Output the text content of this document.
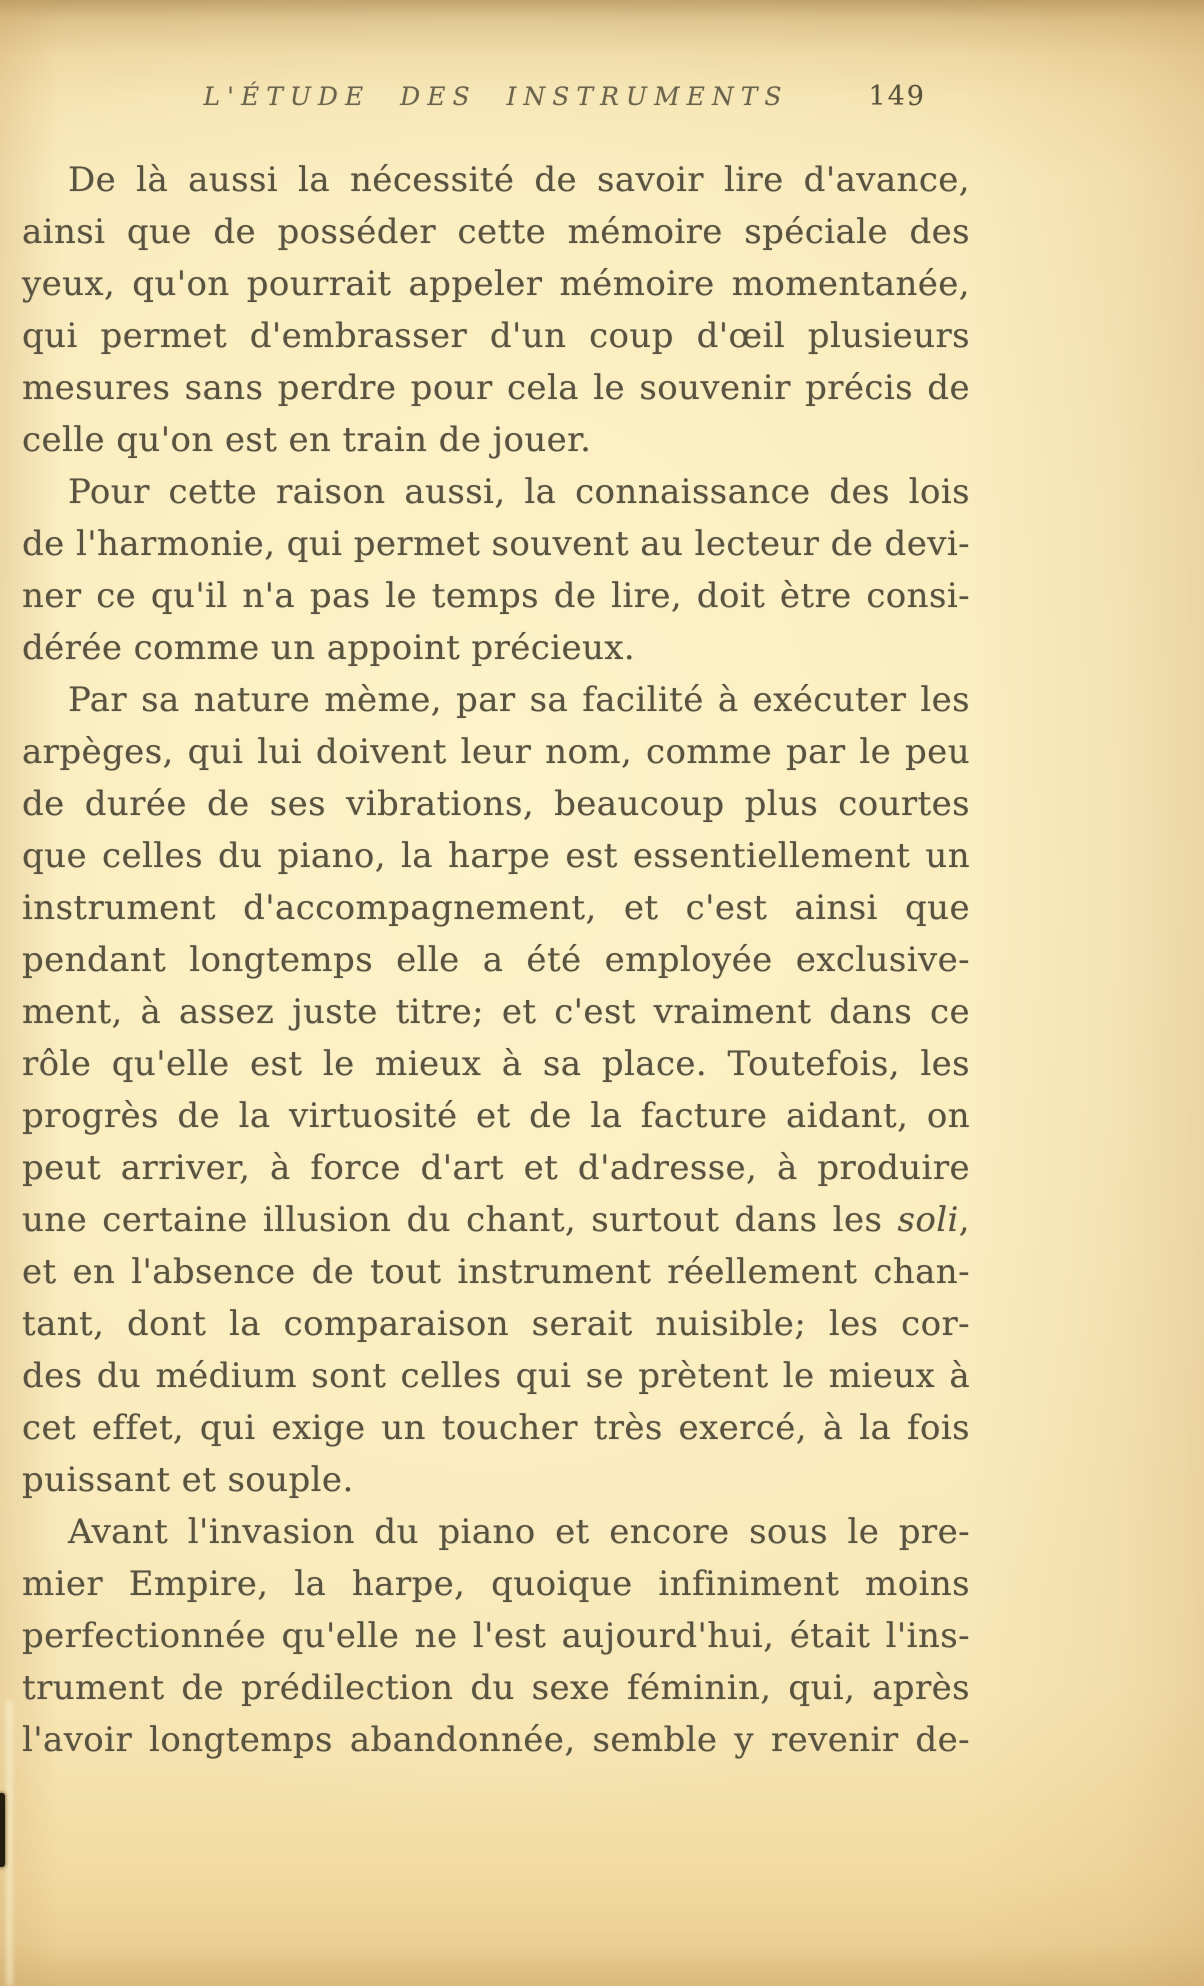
L'ÉTUDE DES INSTRUMENTS	149
De là aussi la nécessité de savoir lire d'avance,
ainsi que de posséder cette mémoire spéciale des
yeux, qu'on pourrait appeler mémoire momentanée,
qui permet d'embrasser d'un coup d'œil plusieurs
mesures sans perdre pour cela le souvenir précis de
celle qu'on est en train de jouer.
Pour cette raison aussi, la connaissance des lois
de l'harmonie, qui permet souvent au lecteur de devi-
ner ce qu'il n'a pas le temps de lire, doit ètre consi-
dérée comme un appoint précieux.
Par sa nature mème, par sa facilité à exécuter les
arpèges, qui lui doivent leur nom, comme par le peu
de durée de ses vibrations, beaucoup plus courtes
que celles du piano, la harpe est essentiellement un
instrument d'accompagnement, et c'est ainsi que
pendant longtemps elle a été employée exclusive-
ment, à assez juste titre; et c'est vraiment dans ce
rôle qu'elle est le mieux à sa place. Toutefois, les
progrès de la virtuosité et de la facture aidant, on
peut arriver, à force d'art et d'adresse, à produire
une certaine illusion du chant, surtout dans les soli,
et en l'absence de tout instrument réellement chan-
tant, dont la comparaison serait nuisible; les cor-
des du médium sont celles qui se prètent le mieux à
cet effet, qui exige un toucher très exercé, à la fois
puissant et souple.
Avant l'invasion du piano et encore sous le pre-
mier Empire, la harpe, quoique infiniment moins
perfectionnée qu'elle ne l'est aujourd'hui, était l'ins-
trument de prédilection du sexe féminin, qui, après
l'avoir longtemps abandonnée, semble y revenir de-
